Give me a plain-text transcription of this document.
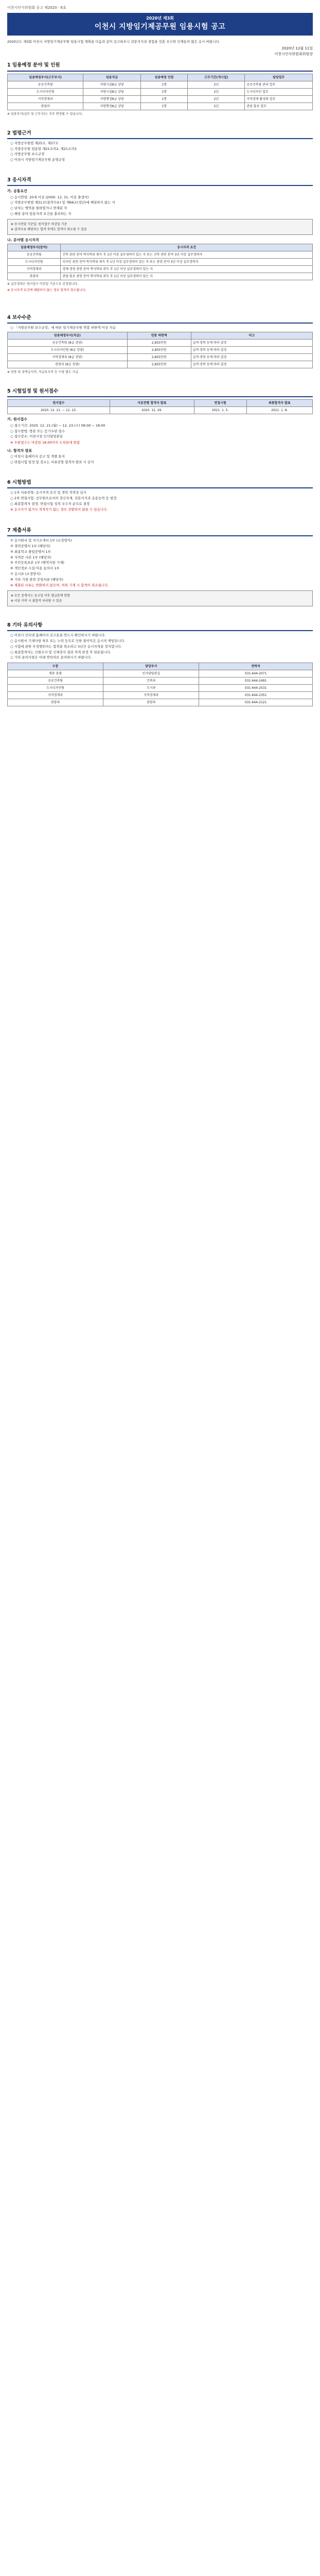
이천시인사위원회 공고 제2020 - 6호
2020년 제3회
이천시 지방임기제공무원 임용시험 공고

2020년도 제3회 이천시 지방임기제공무원 임용시험 계획을 다음과 같이 공고하오니 전문지식과 경험을 갖춘 우수한 인재들의 많은 응시 바랍니다.

2020년 12월 11일
이천시인사위원회위원장
1 임용예정 분야 및 인원
임용예정부서(근무부서)	임용직급	임용예정 인원	근무기간(개시일)	담당업무
공공건축팀	지방시설8급 상당	1명	2년	공공건축물 관리 업무
도시디자인팀	지방시설8급 상당	1명	2년	도시디자인 업무
지역경제과	지방행정8급 상당	1명	2년	지역경제 활성화 업무
관광과	지방행정8급 상당	1명	2년	관광 홍보 업무
※ 임용부서(실무 및 근무지)는 추후 변경될 수 있습니다.
2 법령근거
○ 지방공무원법 제25조, 제27조
○ 지방공무원 임용령 제21조의2, 제21조의3
○ 지방공무원 보수규정
○ 이천시 지방임기제공무원 운영규정
3 응시자격
가. 공통요건
○ 응시연령: 20세 이상 (2000. 12. 31. 이전 출생자)
○ 지방공무원법 제31조(결격사유) 및 제66조(정년)에 해당하지 않는 자
○ 남자는 병역을 필하였거나 면제된 자
○ 해당 분야 임용자격 요건을 충족하는 자

※ 응시연령 기준일: 원서접수 마감일 기준

※ 결격사유 해당자는 합격 후에도 합격이 취소될 수 있음

나. 분야별 응시자격
임용예정부서(분야)	응시자격 요건
공공건축팀	건축 관련 분야 학사학위 취득 후 1년 이상 실무경력이 있는 자 또는 건축 관련 분야 3년 이상 실무경력자
도시디자인팀	디자인 관련 분야 학사학위 취득 후 1년 이상 실무경력이 있는 자 또는 관련 분야 3년 이상 실무경력자
지역경제과	경제·경영 관련 분야 학사학위 취득 후 1년 이상 실무경력이 있는 자
관광과	관광·홍보 관련 분야 학사학위 취득 후 1년 이상 실무경력이 있는 자
※ 실무경력은 원서접수 마감일 기준으로 산정합니다.
※ 응시자격 요건에 해당하지 않는 경우 합격이 취소됩니다.
4 보수수준

○ 「지방공무원 보수규정」에 따른 임기제공무원 연봉 하한액 이상 지급

임용예정부서(직급)	연봉 하한액	비고
공공건축팀 (8급 상당)	2,855만원	실적·경력 등에 따라 결정
도시디자인팀 (8급 상당)	2,855만원	실적·경력 등에 따라 결정
지역경제과 (8급 상당)	2,855만원	실적·경력 등에 따라 결정
관광과 (8급 상당)	2,855만원	실적·경력 등에 따라 결정
※ 연봉 외 정액급식비, 직급보조비 등 수당 별도 지급
5 시험일정 및 원서접수
원서접수	서류전형 합격자 발표	면접시험	최종합격자 발표
2020. 12. 21. ~ 12. 23.	2020. 12. 29.	2021. 1. 5.	2021. 1. 8.
가. 원서접수
○ 접수기간: 2020. 12. 21.(월) ~ 12. 23.(수) 09:00 ~ 18:00
○ 접수방법: 방문 또는 등기우편 접수
○ 접수장소: 이천시청 인사담당관실

※ 우편접수는 마감일 18:00까지 도착분에 한함

나. 합격자 발표
○ 이천시 홈페이지 공고 및 개별 통지
○ 면접시험 일정 및 장소는 서류전형 합격자 발표 시 공지
6 시험방법
○ 1차 서류전형: 응시자격 요건 및 경력 적격성 심사
○ 2차 면접시험: 공무원으로서의 정신자세, 전문지식과 응용능력 등 평정
○ 최종합격자 결정: 면접시험 성적 우수자 순으로 결정

※ 응시자가 없거나 적격자가 없는 경우 선발하지 않을 수 있습니다.

7 제출서류
① 응시원서 및 자기소개서 1부 (소정양식)
② 경력증명서 1부 (해당자)
③ 최종학교 졸업증명서 1부
④ 자격증 사본 1부 (해당자)
⑤ 주민등록초본 1부 (병역사항 기재)
⑥ 개인정보 수집·이용 동의서 1부
⑦ 응시표 (소정양식)
⑧ 기타 가점 관련 증빙서류 (해당자)

※ 제출된 서류는 반환하지 않으며, 허위 기재 시 합격이 취소됩니다.

※ 모든 증명서는 공고일 이후 발급분에 한함

※ 서류 미비 시 불합격 처리될 수 있음

8 기타 유의사항
○ 이천시 인터넷 홈페이지 공고문을 반드시 확인하시기 바랍니다.
○ 응시원서 기재사항 착오 또는 누락 등으로 인한 불이익은 응시자 책임입니다.
○ 시험에 관한 부정행위자는 합격을 취소하고 5년간 응시자격을 정지합니다.
○ 최종합격자는 신원조사 및 신체검사 결과 적격 판정 후 임용됩니다.
○ 기타 문의사항은 아래 연락처로 문의하시기 바랍니다.
구분	담당부서	연락처
채용 총괄	인사담당관실	031-644-2071
공공건축팀	건축과	031-644-2491
도시디자인팀	도시과	031-644-2531
지역경제과	지역경제과	031-644-2351
관광과	관광과	031-644-2121
